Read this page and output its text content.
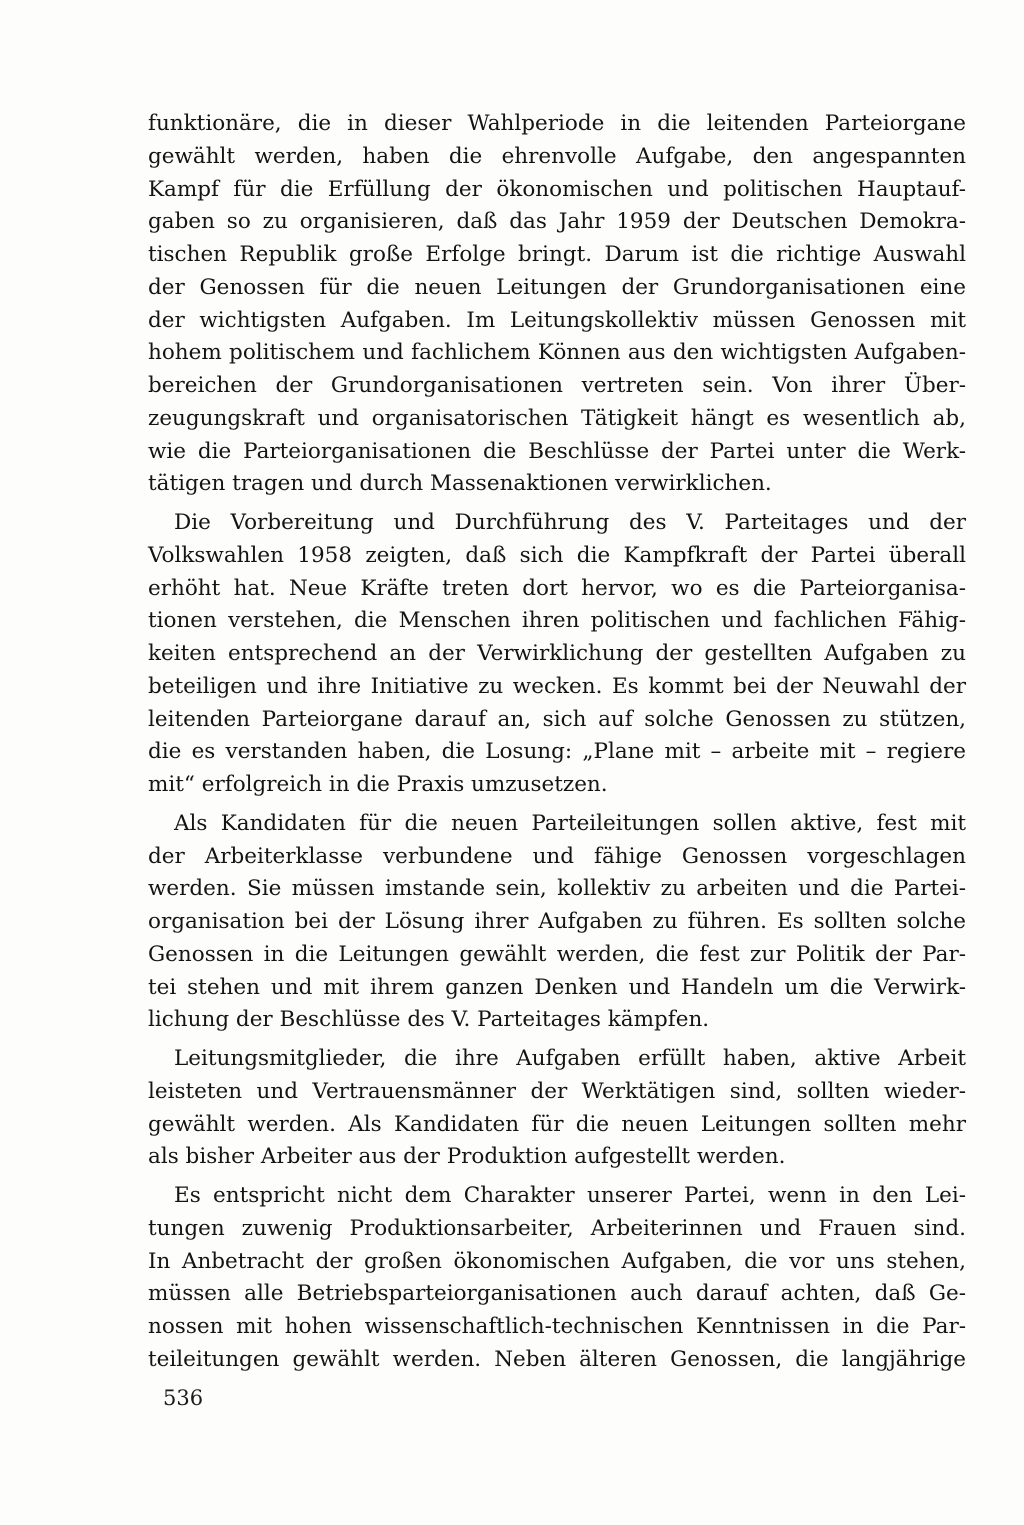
funktionäre, die in dieser Wahlperiode in die leitenden Parteiorgane
gewählt werden, haben die ehrenvolle Aufgabe, den angespannten
Kampf für die Erfüllung der ökonomischen und politischen Hauptauf-
gaben so zu organisieren, daß das Jahr 1959 der Deutschen Demokra-
tischen Republik große Erfolge bringt. Darum ist die richtige Auswahl
der Genossen für die neuen Leitungen der Grundorganisationen eine
der wichtigsten Aufgaben. Im Leitungskollektiv müssen Genossen mit
hohem politischem und fachlichem Können aus den wichtigsten Aufgaben-
bereichen der Grundorganisationen vertreten sein. Von ihrer Über-
zeugungskraft und organisatorischen Tätigkeit hängt es wesentlich ab,
wie die Parteiorganisationen die Beschlüsse der Partei unter die Werk-
tätigen tragen und durch Massenaktionen verwirklichen.

Die Vorbereitung und Durchführung des V. Parteitages und der
Volkswahlen 1958 zeigten, daß sich die Kampfkraft der Partei überall
erhöht hat. Neue Kräfte treten dort hervor, wo es die Parteiorganisa-
tionen verstehen, die Menschen ihren politischen und fachlichen Fähig-
keiten entsprechend an der Verwirklichung der gestellten Aufgaben zu
beteiligen und ihre Initiative zu wecken. Es kommt bei der Neuwahl der
leitenden Parteiorgane darauf an, sich auf solche Genossen zu stützen,
die es verstanden haben, die Losung: „Plane mit – arbeite mit – regiere
mit“ erfolgreich in die Praxis umzusetzen.

Als Kandidaten für die neuen Parteileitungen sollen aktive, fest mit
der Arbeiterklasse verbundene und fähige Genossen vorgeschlagen
werden. Sie müssen imstande sein, kollektiv zu arbeiten und die Partei-
organisation bei der Lösung ihrer Aufgaben zu führen. Es sollten solche
Genossen in die Leitungen gewählt werden, die fest zur Politik der Par-
tei stehen und mit ihrem ganzen Denken und Handeln um die Verwirk-
lichung der Beschlüsse des V. Parteitages kämpfen.

Leitungsmitglieder, die ihre Aufgaben erfüllt haben, aktive Arbeit
leisteten und Vertrauensmänner der Werktätigen sind, sollten wieder-
gewählt werden. Als Kandidaten für die neuen Leitungen sollten mehr
als bisher Arbeiter aus der Produktion aufgestellt werden.

Es entspricht nicht dem Charakter unserer Partei, wenn in den Lei-
tungen zuwenig Produktionsarbeiter, Arbeiterinnen und Frauen sind.
In Anbetracht der großen ökonomischen Aufgaben, die vor uns stehen,
müssen alle Betriebsparteiorganisationen auch darauf achten, daß Ge-
nossen mit hohen wissenschaftlich-technischen Kenntnissen in die Par-
teileitungen gewählt werden. Neben älteren Genossen, die langjährige

536
